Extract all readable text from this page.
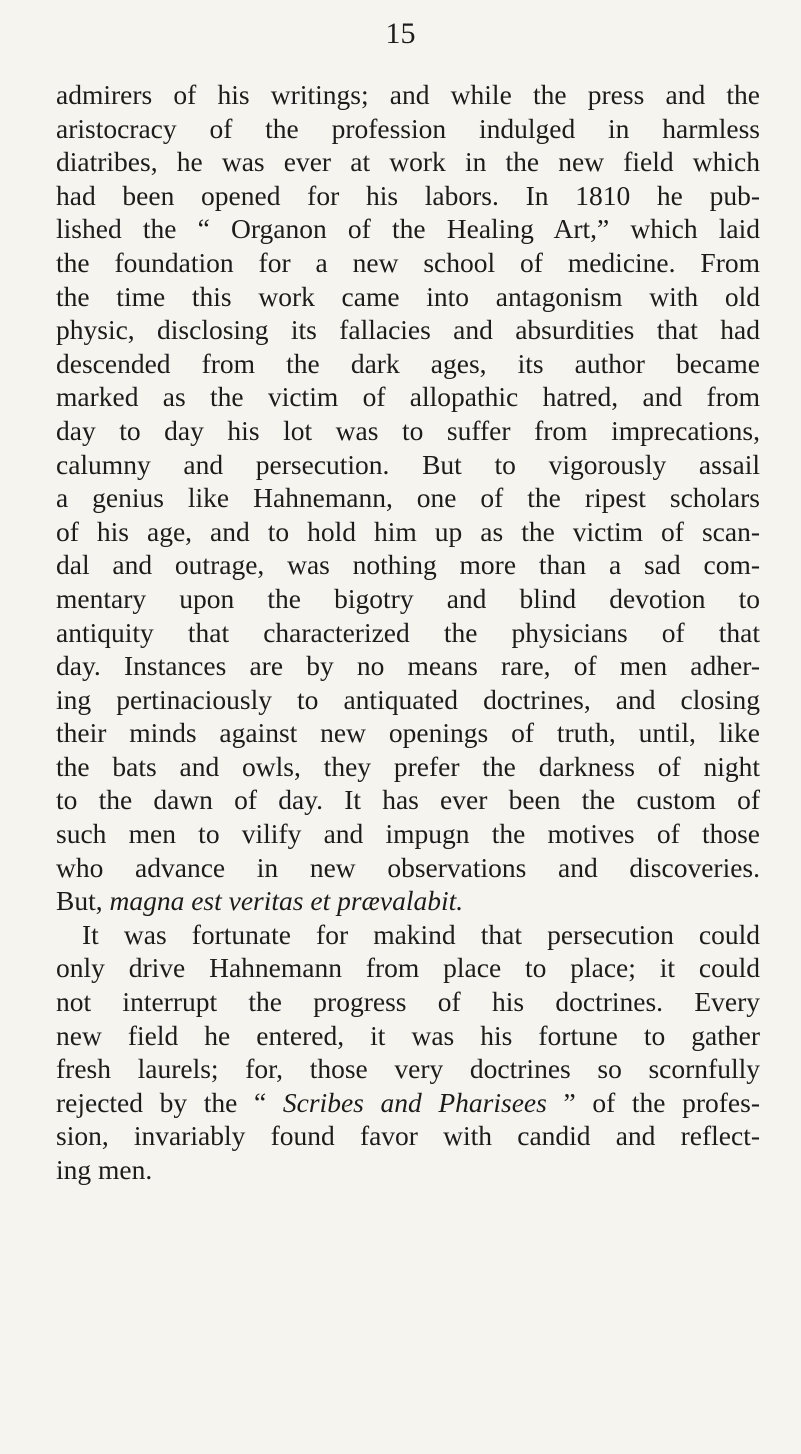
15
admirers of his writings; and while the press and the
aristocracy of the profession indulged in harmless
diatribes, he was ever at work in the new field which
had been opened for his labors. In 1810 he pub-
lished the “ Organon of the Healing Art,” which laid
the foundation for a new school of medicine. From
the time this work came into antagonism with old
physic, disclosing its fallacies and absurdities that had
descended from the dark ages, its author became
marked as the victim of allopathic hatred, and from
day to day his lot was to suffer from imprecations,
calumny and persecution. But to vigorously assail
a genius like Hahnemann, one of the ripest scholars
of his age, and to hold him up as the victim of scan-
dal and outrage, was nothing more than a sad com-
mentary upon the bigotry and blind devotion to
antiquity that characterized the physicians of that
day. Instances are by no means rare, of men adher-
ing pertinaciously to antiquated doctrines, and closing
their minds against new openings of truth, until, like
the bats and owls, they prefer the darkness of night
to the dawn of day. It has ever been the custom of
such men to vilify and impugn the motives of those
who advance in new observations and discoveries.
But, magna est veritas et prævalabit.
It was fortunate for makind that persecution could
only drive Hahnemann from place to place; it could
not interrupt the progress of his doctrines. Every
new field he entered, it was his fortune to gather
fresh laurels; for, those very doctrines so scornfully
rejected by the “ Scribes and Pharisees ” of the profes-
sion, invariably found favor with candid and reflect-
ing men.
